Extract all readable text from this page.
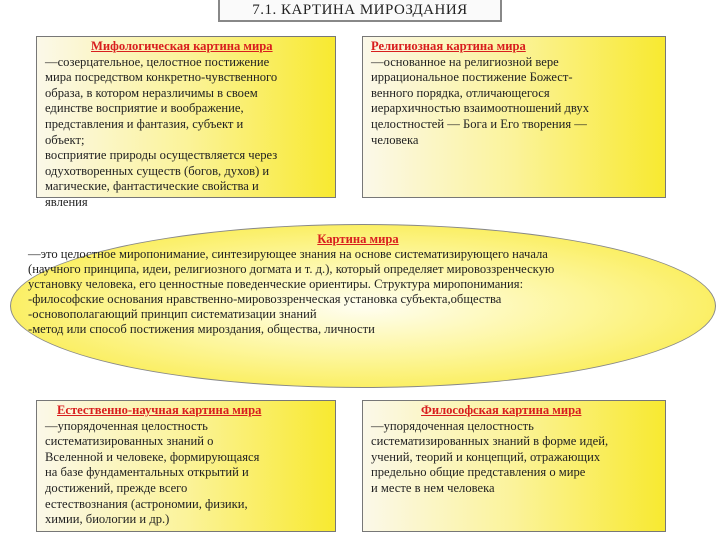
7.1. КАРТИНА МИРОЗДАНИЯ
Мифологическая картина мира

—созерцательное, целостное постижение
мира посредством конкретно-чувственного
образа, в котором неразличимы в своем
единстве восприятие и воображение,
представления и фантазия, субъект и
объект;
восприятие природы осуществляется через
одухотворенных существ (богов, духов) и
магические, фантастические свойства и
явления

Религиозная картина мира

—основанное на религиозной вере
иррациональное постижение Божест-
венного порядка, отличающегося
иерархичностью взаимоотношений двух
целостностей — Бога и Его творения —
человека

Картина мира

—это целостное миропонимание, синтезирующее знания на основе систематизирующего начала
(научного принципа, идеи, религиозного догмата и т. д.), который определяет мировоззренческую
установку человека, его ценностные поведенческие ориентиры. Структура миропонимания:
-философские основания нравственно-мировоззренческая установка субъекта,общества
-основополагающий принцип систематизации знаний
-метод или способ постижения мироздания, общества, личности

Естественно-научная картина мира

—упорядоченная целостность
систематизированных знаний о
Вселенной и человеке, формирующаяся
на базе фундаментальных открытий и
достижений, прежде всего
естествознания (астрономии, физики,
химии, биологии и др.)

Философская картина мира

—упорядоченная целостность
систематизированных знаний в форме идей,
учений, теорий и концепций, отражающих
предельно общие представления о мире
и месте в нем человека
